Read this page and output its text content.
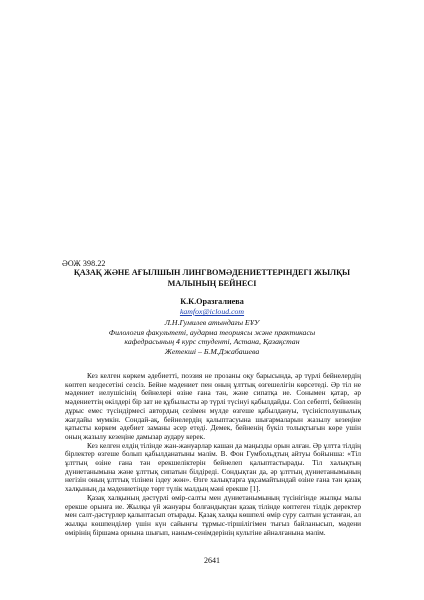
ӘОЖ 398.22
ҚАЗАҚ ЖӘНЕ АҒЫЛШЫН ЛИНГВОМӘДЕНИЕТТЕРІНДЕГІ ЖЫЛҚЫ
МАЛЫНЫҢ БЕЙНЕСІ
К.К.Оразгалиева
kamfox@icloud.com
Л.Н.Гумилев атындағы ЕҰУ
Филология факультеті, аударма теориясы және практикасы кафедрасының 4 курс студенті, Астана, Қазақстан
Жетекші – Б.М.Джабашева

Кез келген көркем әдебиетті, поэзия не прозаны оқу барысында, әр түрлі бейнелердің көптеп кездесетіні сезсіз. Бейне мәдениет пен оның ұлттық өзгешелігін көрсетеді. Әр тіл не мәдениет иелушісінің бейнелері өзіне ғана тән, және сипатқа ие. Сонымен қатар, әр мәдениеттің өкілдері бір зат не құбылысты әр түрлі түсінуі қабылдайды. Сол себепті, бейненің дұрыс емес түсіндірмесі автордың сезімен мүлде өзгеше қабылдануы, түсінісполушылық жағдайы мумкін. Сондай-ақ, бейнелердің қалыптасуына шығармаларын жазылу кезеңіне қатысты көркем әдебиет заманы әсер етеді. Демек, бейненің бүкіл толықтығын көре ушін оның жазылу кезеңіне дамызар аудару керек.

Кез келген елдің тілінде жан-жануарлар кашан да маңызды орын алған. Әр ұлтта тілдің бірлектер өзгеше болып қабылданатыны мәлім. В. Фон Гумбольдтың айтуы бойынша: «Тіл ұлттың өзіне ғана тән ерекшеліктерін бейнелеп қалыптастырады. Тіл халықтың дүниетанымына және ұлттық сипатын білдіреді. Сондықтан да, әр ұлттың дүниетанымының негізін оның ұлттық тілінен іздеу жөн». Өзге халықтарға ұқсамайтындай өзіне ғана тән қазақ халқының да мәдениетінде төрт түлік малдың мәні ерекше [1].

Қазақ халқының дәстүрлі өмір-салты мен дүниетанымының түсінігінде жылқы малы ерекше орынға ие. Жылқы үй жануары болғандықтан қазақ тілінде көптеген тілдік деректер мен салт-дәстүрлер қалыптасып отырады. Қазақ халқы көшпелі өмір сүру салтын ұстанған, ал жылқы көшпенділер үшін күн сайынғы тұрмыс-тіршілігімен тығыз байланысып, мәдени өмірінің біршама орнына шығып, наным-сенімдерінің культіне айналғанына мәлім.

2641
